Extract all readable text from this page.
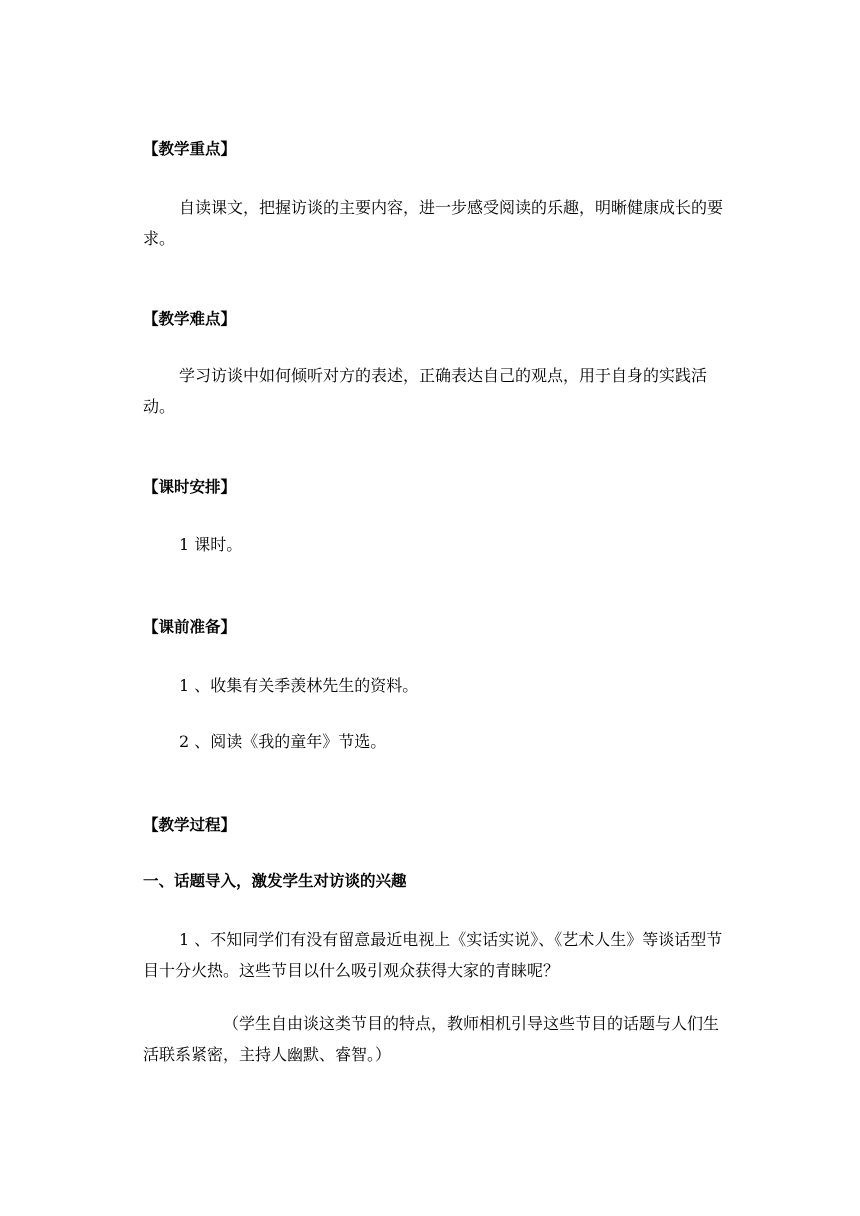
【教学重点】

自读课文，把握访谈的主要内容，进一步感受阅读的乐趣，明晰健康成长的要求。

【教学难点】

学习访谈中如何倾听对方的表述，正确表达自己的观点，用于自身的实践活动。

【课时安排】

1 课时。

【课前准备】

1 、收集有关季羡林先生的资料。

2 、阅读《我的童年》节选。

【教学过程】

一、话题导入，激发学生对访谈的兴趣

1 、不知同学们有没有留意最近电视上《实话实说》、《艺术人生》等谈话型节目十分火热。这些节目以什么吸引观众获得大家的青睐呢？

（学生自由谈这类节目的特点，教师相机引导这些节目的话题与人们生活联系紧密，主持人幽默、睿智。）
